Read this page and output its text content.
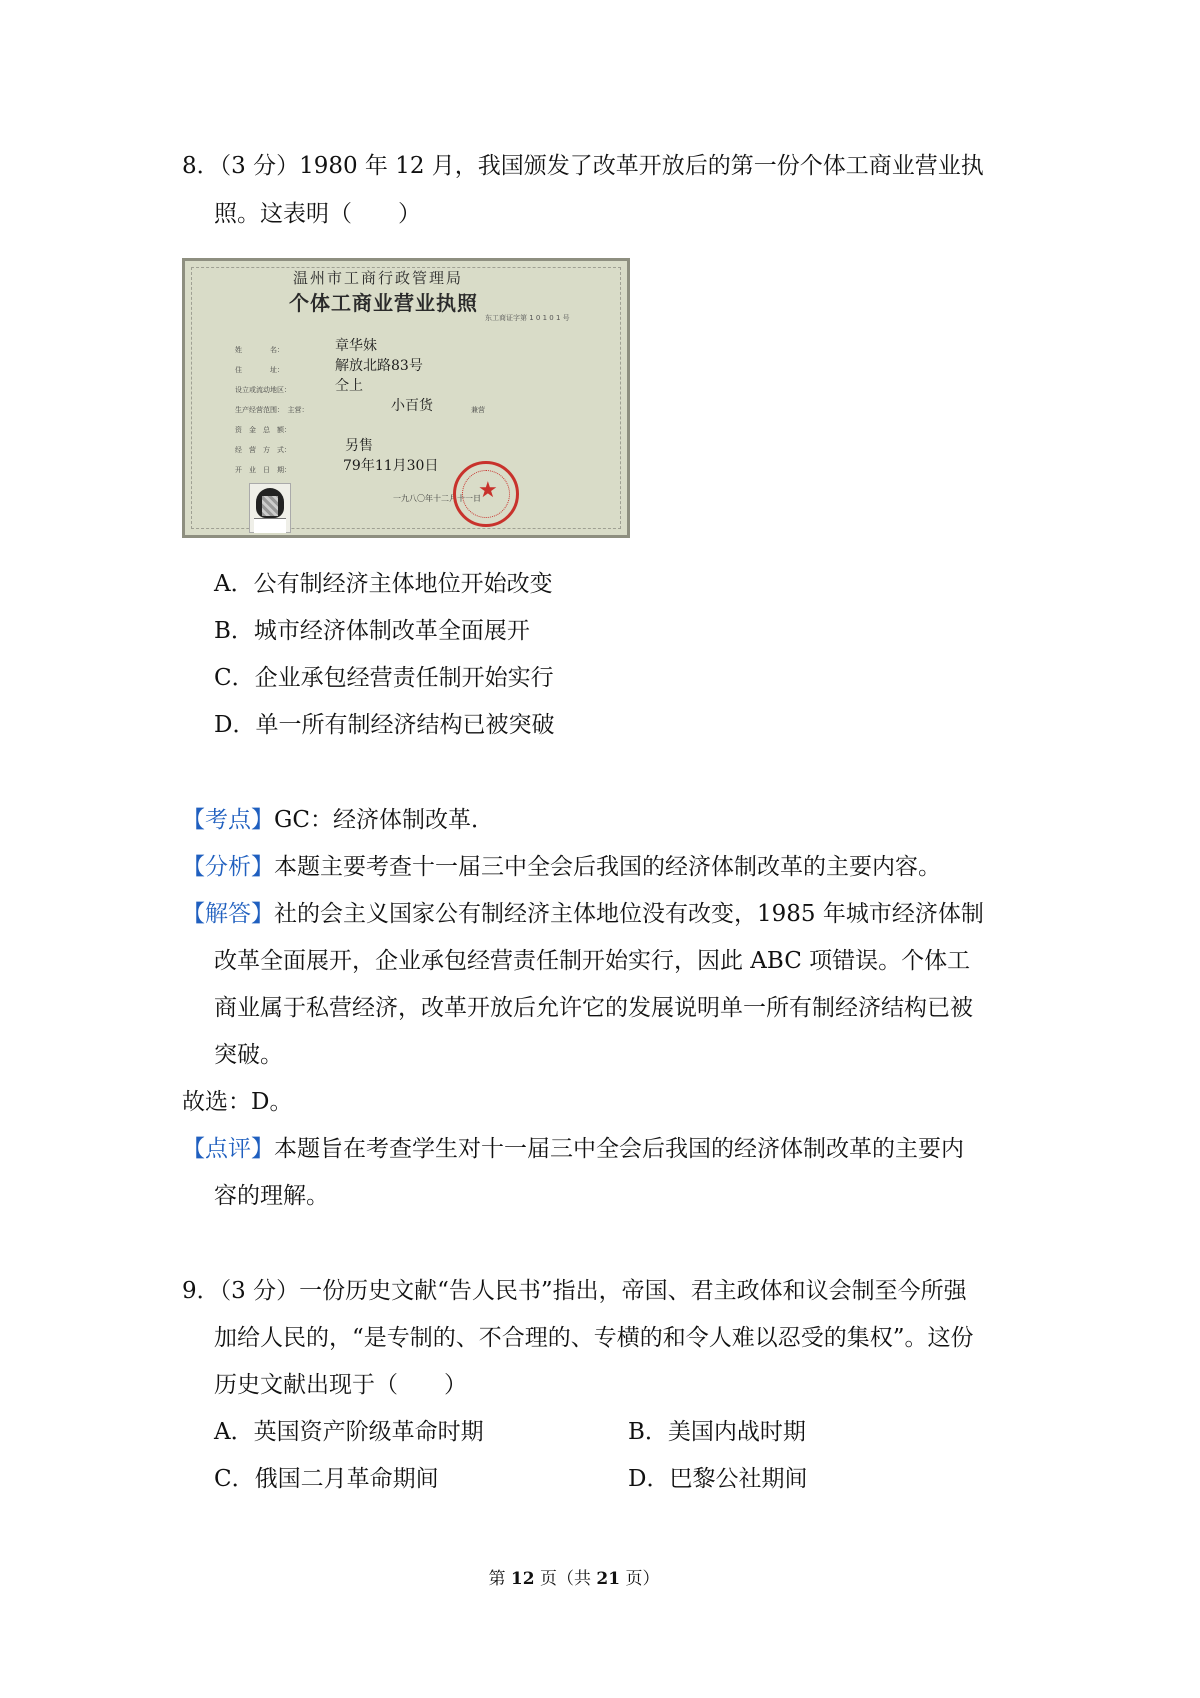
8．（3 分）1980 年 12 月，我国颁发了改革开放后的第一份个体工商业营业执
照。这表明（　　）
温州市工商行政管理局
个体工商业营业执照
东工商证字第 1 0 1 0 1 号
姓　　　　名：	章华妹
住　　　　址：	解放北路83号
设立或流动地区：	仝上
生产经营范围：　主营：	小百货	兼营
资　金　总　额：
经　营　方　式：	另售
开　业　日　期：	79年11月30日
一九八〇年十二月十一日
★
A．公有制经济主体地位开始改变
B．城市经济体制改革全面展开
C．企业承包经营责任制开始实行
D．单一所有制经济结构已被突破
【考点】GC：经济体制改革．
【分析】本题主要考查十一届三中全会后我国的经济体制改革的主要内容。
【解答】社的会主义国家公有制经济主体地位没有改变，1985 年城市经济体制
改革全面展开，企业承包经营责任制开始实行，因此 ABC 项错误。个体工
商业属于私营经济，改革开放后允许它的发展说明单一所有制经济结构已被
突破。
故选：D。
【点评】本题旨在考查学生对十一届三中全会后我国的经济体制改革的主要内
容的理解。
9．（3 分）一份历史文献“告人民书”指出，帝国、君主政体和议会制至今所强
加给人民的，“是专制的、不合理的、专横的和令人难以忍受的集权”。这份
历史文献出现于（　　）
A．英国资产阶级革命时期	B．美国内战时期
C．俄国二月革命期间	D．巴黎公社期间
第 12 页（共 21 页）
